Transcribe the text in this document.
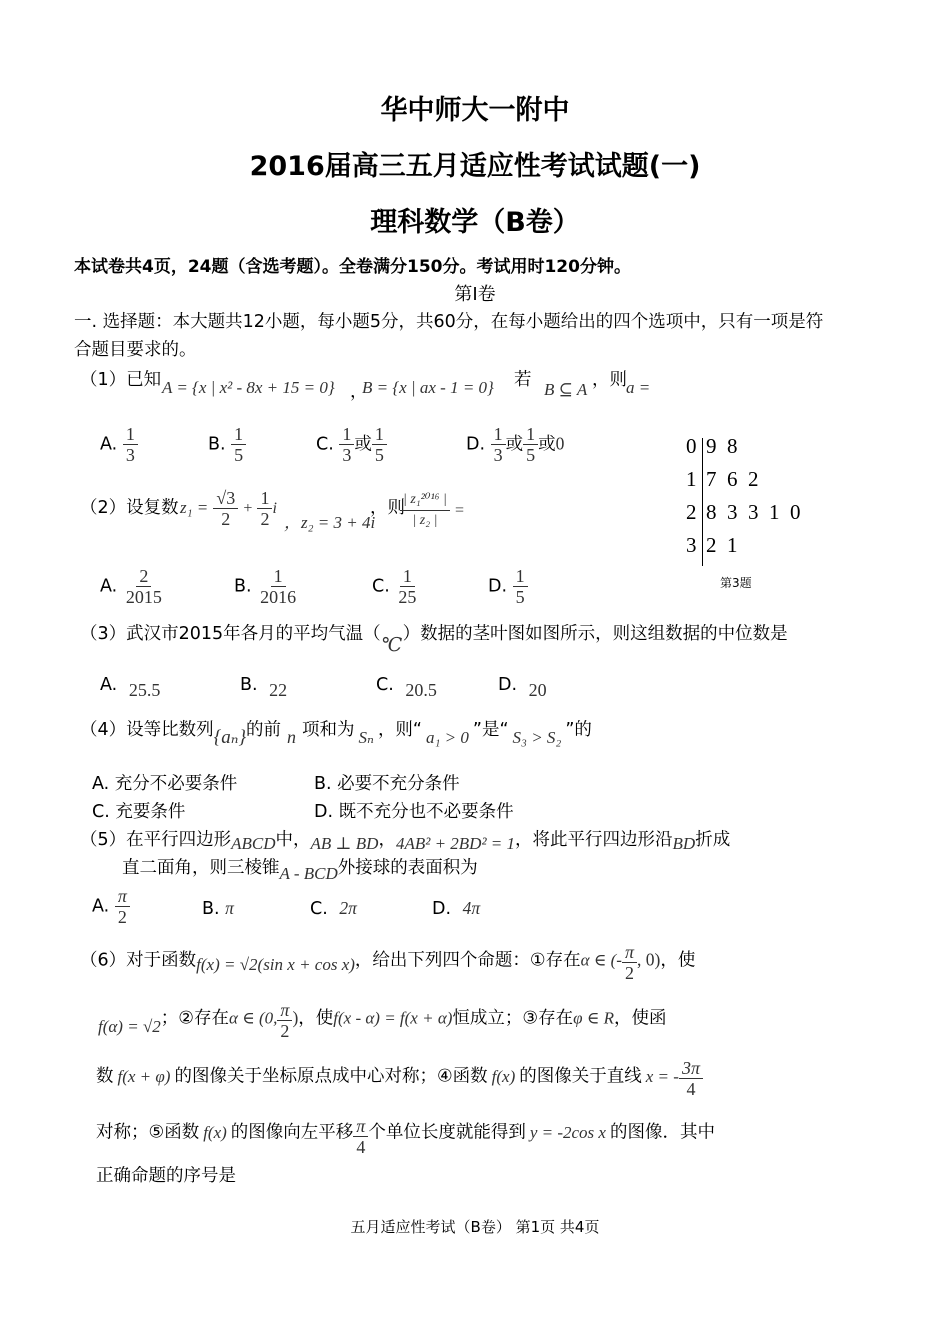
华中师大一附中
2016届高三五月适应性考试试题(一)
理科数学（B卷）
本试卷共4页，24题（含选考题）。全卷满分150分。考试用时120分钟。
第Ⅰ卷
一. 选择题：本大题共12小题，每小题5分，共60分，在每小题给出的四个选项中，只有一项是符
合题目要求的。
（1）已知 A = {x | x² - 8x + 15 = 0} ，
B = {x | ax - 1 = 0} 若 B ⊆ A ，则 a =
A. $\frac{1}{3}$	B. $\frac{1}{5}$	C. $\frac{1}{3}$ 或 $\frac{1}{5}$	D. $\frac{1}{3}$ 或 $\frac{1}{5}$ 或0	0 9  8
1 7  6  2
2 8  3  3  1  0
3 2  1
第3题
（2）设复数 $z_1 = \frac{√3}{2} + \frac{1}{2}$ i
，z₂ = 3 + 4i
，则
$\frac{\text{| z₁²⁰¹⁶ |}}{\text{| z₂ |}}$ =
A. $\frac{2}{2015}$	B. $\frac{1}{2016}$	C. $\frac{1}{25}$	D. $\frac{1}{5}$
（3）武汉市2015年各月的平均气温（℃）数据的茎叶图如图所示，则这组数据的中位数是
A. 25.5	B. 22	C. 20.5	D. 20
（4）设等比数列{aₙ}的前 n 项和为 Sₙ ，则“ a₁ > 0 ”是“ S₃ > S₂ ”的
A. 充分不必要条件	B. 必要不充分条件
C. 充要条件	D. 既不充分也不必要条件
（5）在平行四边形ABCD中，AB ⊥ BD，4AB² + 2BD² = 1，将此平行四边形沿BD折成
直二面角，则三棱锥A - BCD外接球的表面积为
A. $\frac{\pi}{2}$	B. π	C. 2π	D. 4π
（6）对于函数f(x) = √2(sin x + cos x)，给出下列四个命题：①存在α ∈ (- $\frac{\pi}{2}$ , 0)，使
f(α) = √2；②存在α ∈ (0, $\frac{\pi}{2}$ )，使f(x - α) = f(x + α)恒成立；③存在φ ∈ R，使函
数 f(x + φ) 的图像关于坐标原点成中心对称；④函数 f(x) 的图像关于直线 x = - $\frac{3\pi}{4}$
对称；⑤函数 f(x) 的图像向左平移 $\frac{\pi}{4}$ 个单位长度就能得到 y = -2cos x 的图像．其中
正确命题的序号是
五月适应性考试（B卷） 第1页 共4页
